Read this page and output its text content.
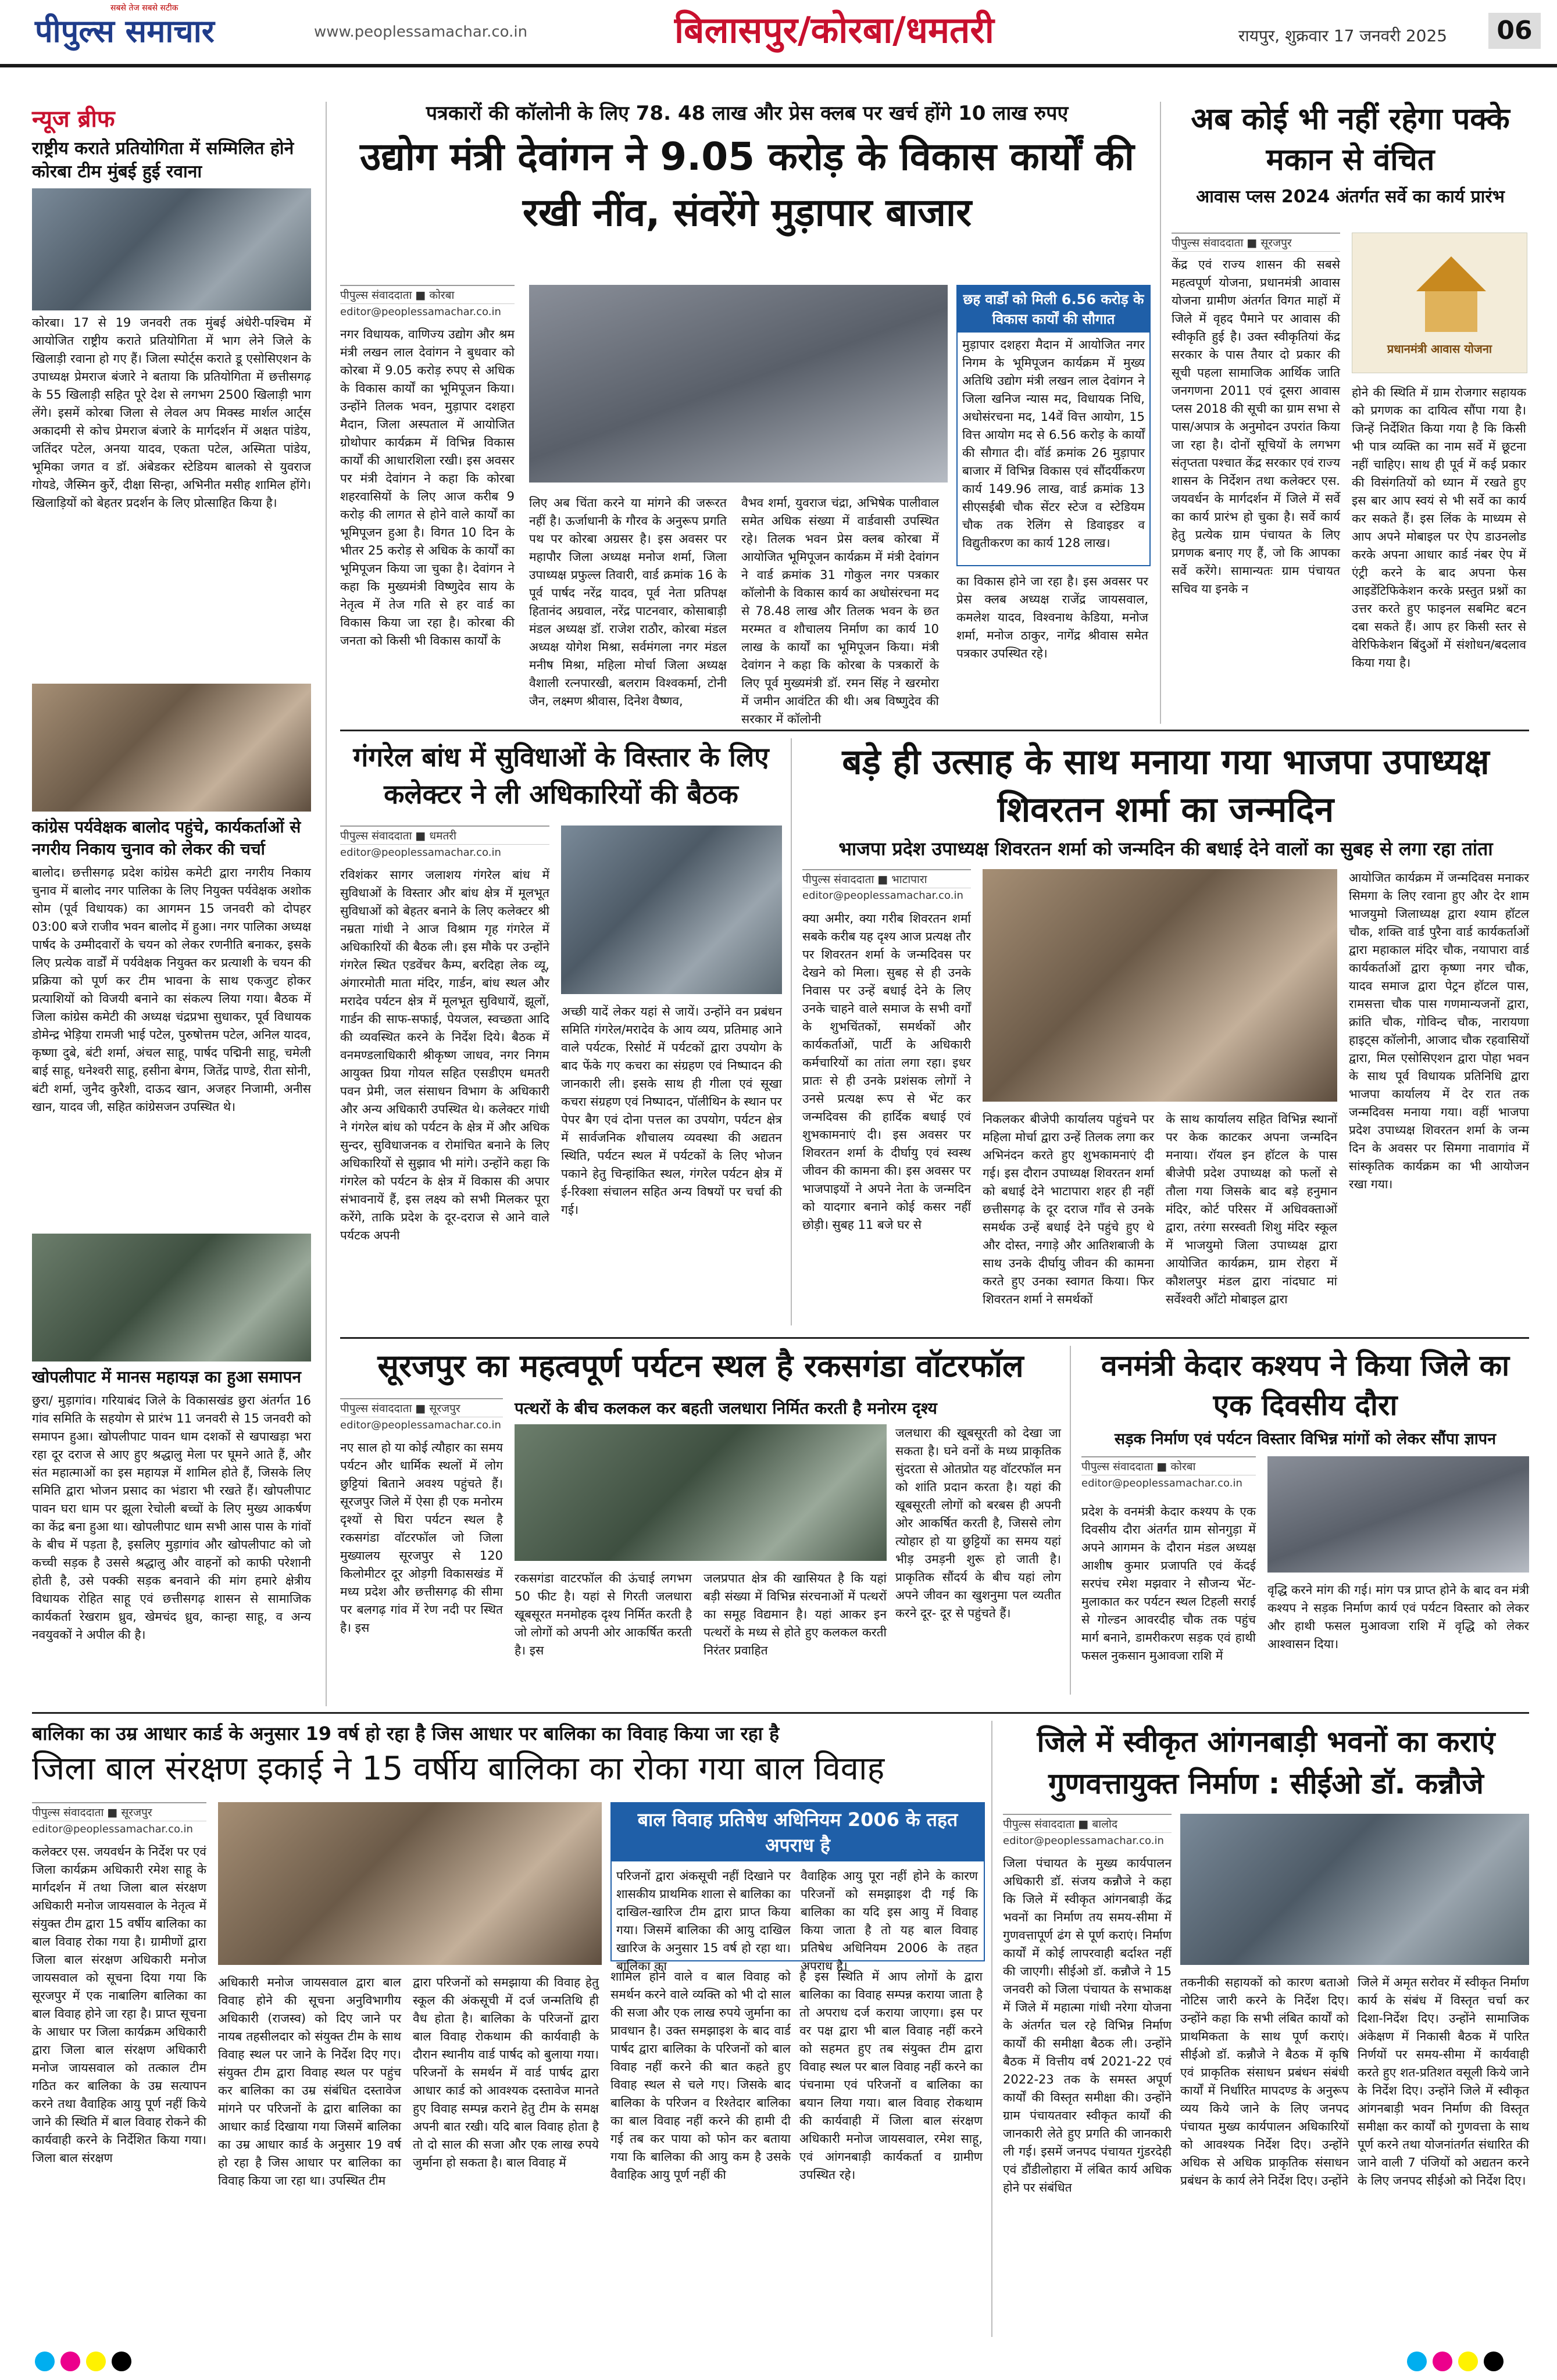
पीपुल्स समाचार
सबसे तेज सबसे सटीक
www.peoplessamachar.co.in	बिलासपुर/कोरबा/धमतरी	रायपुर, शुक्रवार 17 जनवरी 2025	06
न्यूज ब्रीफ
राष्ट्रीय कराते प्रतियोगिता में सम्मिलित होने कोरबा टीम मुंबई हुई रवाना

कोरबा। 17 से 19 जनवरी तक मुंबई अंधेरी-पश्चिम में आयोजित राष्ट्रीय कराते प्रतियोगिता में भाग लेने जिले के खिलाड़ी रवाना हो गए हैं। जिला स्पोर्ट्स कराते डू एसोसिएशन के उपाध्यक्ष प्रेमराज बंजारे ने बताया कि प्रतियोगिता में छत्तीसगढ़ के 55 खिलाड़ी सहित पूरे देश से लगभग 2500 खिलाड़ी भाग लेंगे। इसमें कोरबा जिला से लेवल अप मिक्स्ड मार्शल आर्ट्स अकादमी से कोच प्रेमराज बंजारे के मार्गदर्शन में अक्षत पांडेय, जतिंदर पटेल, अनया यादव, एकता पटेल, अस्मिता पांडेय, भूमिका जगत व डॉ. अंबेडकर स्टेडियम बालको से युवराज गोयडे, जैस्मिन कुर्रे, दीक्षा सिन्हा, अभिनीत मसीह शामिल होंगे। खिलाड़ियों को बेहतर प्रदर्शन के लिए प्रोत्साहित किया है।

कांग्रेस पर्यवेक्षक बालोद पहुंचे, कार्यकर्ताओं से नगरीय निकाय चुनाव को लेकर की चर्चा

बालोद। छत्तीसगढ़ प्रदेश कांग्रेस कमेटी द्वारा नगरीय निकाय चुनाव में बालोद नगर पालिका के लिए नियुक्त पर्यवेक्षक अशोक सोम (पूर्व विधायक) का आगमन 15 जनवरी को दोपहर 03:00 बजे राजीव भवन बालोद में हुआ। नगर पालिका अध्यक्ष पार्षद के उम्मीदवारों के चयन को लेकर रणनीति बनाकर, इसके लिए प्रत्येक वार्डों में पर्यवेक्षक नियुक्त कर प्रत्याशी के चयन की प्रक्रिया को पूर्ण कर टीम भावना के साथ एकजुट होकर प्रत्याशियों को विजयी बनाने का संकल्प लिया गया। बैठक में जिला कांग्रेस कमेटी की अध्यक्ष चंद्रप्रभा सुधाकर, पूर्व विधायक डोमेन्द्र भेड़िया रामजी भाई पटेल, पुरुषोत्तम पटेल, अनिल यादव, कृष्णा दुबे, बंटी शर्मा, अंचल साहू, पार्षद पद्मिनी साहू, चमेली बाई साहू, धनेश्वरी साहू, हसीना बेगम, जितेंद्र पाण्डे, रीता सोनी, बंटी शर्मा, जुनैद कुरैशी, दाऊद खान, अजहर निजामी, अनीस खान, यादव जी, सहित कांग्रेसजन उपस्थित थे।

खोपलीपाट में मानस महायज्ञ का हुआ समापन

छुरा/ मुड़ागांव। गरियाबंद जिले के विकासखंड छुरा अंतर्गत 16 गांव समिति के सहयोग से प्रारंभ 11 जनवरी से 15 जनवरी को समापन हुआ। खोपलीपाट पावन धाम दशकों से खपाखड़ा भरा रहा दूर दराज से आए हुए श्रद्धालु मेला पर घूमने आते हैं, और संत महात्माओं का इस महायज्ञ में शामिल होते हैं, जिसके लिए समिति द्वारा भोजन प्रसाद का भंडारा भी रखते हैं। खोपलीपाट पावन घरा धाम पर झूला रेचोली बच्चों के लिए मुख्य आकर्षण का केंद्र बना हुआ था। खोपलीपाट धाम सभी आस पास के गांवों के बीच में पड़ता है, इसलिए मुड़ागांव और खोपलीपाट को जो कच्ची सड़क है उससे श्रद्धालु और वाहनों को काफी परेशानी होती है, उसे पक्की सड़क बनवाने की मांग हमारे क्षेत्रीय विधायक रोहित साहू एवं छत्तीसगढ़ शासन से सामाजिक कार्यकर्ता रेखराम ध्रुव, खेमचंद ध्रुव, कान्हा साहू, व अन्य नवयुवकों ने अपील की है।

पत्रकारों की कॉलोनी के लिए 78. 48 लाख और प्रेस क्लब पर खर्च होंगे 10 लाख रुपए
उद्योग मंत्री देवांगन ने 9.05 करोड़ के विकास कार्यों की रखी नींव, संवरेंगे मुड़ापार बाजार
पीपुल्स संवाददाता ■ कोरबा
editor@peoplessamachar.co.in

नगर विधायक, वाणिज्य उद्योग और श्रम मंत्री लखन लाल देवांगन ने बुधवार को कोरबा में 9.05 करोड़ रुपए से अधिक के विकास कार्यों का भूमिपूजन किया। उन्होंने तिलक भवन, मुड़ापार दशहरा मैदान, जिला अस्पताल में आयोजित ग्रोथोपार कार्यक्रम में विभिन्न विकास कार्यों की आधारशिला रखी। इस अवसर पर मंत्री देवांगन ने कहा कि कोरबा शहरवासियों के लिए आज करीब 9 करोड़ की लागत से होने वाले कार्यों का भूमिपूजन हुआ है। विगत 10 दिन के भीतर 25 करोड़ से अधिक के कार्यों का भूमिपूजन किया जा चुका है। देवांगन ने कहा कि मुख्यमंत्री विष्णुदेव साय के नेतृत्व में तेज गति से हर वार्ड का विकास किया जा रहा है। कोरबा की जनता को किसी भी विकास कार्यों के

लिए अब चिंता करने या मांगने की जरूरत नहीं है। ऊर्जाधानी के गौरव के अनुरूप प्रगति पथ पर कोरबा अग्रसर है। इस अवसर पर महापौर जिला अध्यक्ष मनोज शर्मा, जिला उपाध्यक्ष प्रफुल्ल तिवारी, वार्ड क्रमांक 16 के पूर्व पार्षद नरेंद्र यादव, पूर्व नेता प्रतिपक्ष हितानंद अग्रवाल, नरेंद्र पाटनवार, कोसाबाड़ी मंडल अध्यक्ष डॉ. राजेश राठौर, कोरबा मंडल अध्यक्ष योगेश मिश्रा, सर्वमंगला नगर मंडल मनीष मिश्रा, महिला मोर्चा जिला अध्यक्ष वैशाली रत्नपारखी, बलराम विश्वकर्मा, टोनी जैन, लक्ष्मण श्रीवास, दिनेश वैष्णव,

वैभव शर्मा, युवराज चंद्रा, अभिषेक पालीवाल समेत अधिक संख्या में वार्डवासी उपस्थित रहे। तिलक भवन प्रेस क्लब कोरबा में आयोजित भूमिपूजन कार्यक्रम में मंत्री देवांगन ने वार्ड क्रमांक 31 गोकुल नगर पत्रकार कॉलोनी के विकास कार्य का अधोसंरचना मद से 78.48 लाख और तिलक भवन के छत मरम्मत व शौचालय निर्माण का कार्य 10 लाख के कार्यों का भूमिपूजन किया। मंत्री देवांगन ने कहा कि कोरबा के पत्रकारों के लिए पूर्व मुख्यमंत्री डॉ. रमन सिंह ने खरमोरा में जमीन आवंटित की थी। अब विष्णुदेव की सरकार में कॉलोनी

छह वार्डों को मिली 6.56 करोड़ के विकास कार्यों की सौगात

मुड़ापार दशहरा मैदान में आयोजित नगर निगम के भूमिपूजन कार्यक्रम में मुख्य अतिथि उद्योग मंत्री लखन लाल देवांगन ने जिला खनिज न्यास मद, विधायक निधि, अधोसंरचना मद, 14वें वित्त आयोग, 15 वित्त आयोग मद से 6.56 करोड़ के कार्यों की सौगात दी। वॉर्ड क्रमांक 26 मुड़ापार बाजार में विभिन्न विकास एवं सौंदर्यीकरण कार्य 149.96 लाख, वार्ड क्रमांक 13 सीएसईबी चौक सेंटर स्टेज व स्टेडियम चौक तक रेलिंग से डिवाइडर व विद्युतीकरण का कार्य 128 लाख।

का विकास होने जा रहा है। इस अवसर पर प्रेस क्लब अध्यक्ष राजेंद्र जायसवाल, कमलेश यादव, विश्वनाथ केडिया, मनोज शर्मा, मनोज ठाकुर, नागेंद्र श्रीवास समेत पत्रकार उपस्थित रहे।

अब कोई भी नहीं रहेगा पक्के मकान से वंचित
आवास प्लस 2024 अंतर्गत सर्वे का कार्य प्रारंभ
पीपुल्स संवाददाता ■ सूरजपुर

केंद्र एवं राज्य शासन की सबसे महत्वपूर्ण योजना, प्रधानमंत्री आवास योजना ग्रामीण अंतर्गत विगत माहों में जिले में वृहद पैमाने पर आवास की स्वीकृति हुई है। उक्त स्वीकृतियां केंद्र सरकार के पास तैयार दो प्रकार की सूची पहला सामाजिक आर्थिक जाति जनगणना 2011 एवं दूसरा आवास प्लस 2018 की सूची का ग्राम सभा से पास/अपात्र के अनुमोदन उपरांत किया जा रहा है। दोनों सूचियों के लगभग संतृप्तता पश्चात केंद्र सरकार एवं राज्य शासन के निर्देशन तथा कलेक्टर एस. जयवर्धन के मार्गदर्शन में जिले में सर्वे का कार्य प्रारंभ हो चुका है। सर्वे कार्य हेतु प्रत्येक ग्राम पंचायत के लिए प्रगणक बनाए गए हैं, जो कि आपका सर्वे करेंगे। सामान्यतः ग्राम पंचायत सचिव या इनके न

प्रधानमंत्री आवास योजना

होने की स्थिति में ग्राम रोजगार सहायक को प्रगणक का दायित्व सौंपा गया है। जिन्हें निर्देशित किया गया है कि किसी भी पात्र व्यक्ति का नाम सर्वे में छूटना नहीं चाहिए। साथ ही पूर्व में कई प्रकार की विसंगतियों को ध्यान में रखते हुए इस बार आप स्वयं से भी सर्वे का कार्य कर सकते हैं। इस लिंक के माध्यम से आप अपने मोबाइल पर ऐप डाउनलोड करके अपना आधार कार्ड नंबर ऐप में एंट्री करने के बाद अपना फेस आइडेंटिफिकेशन करके प्रस्तुत प्रश्नों का उत्तर करते हुए फाइनल सबमिट बटन दबा सकते हैं। आप हर किसी स्तर से वेरिफिकेशन बिंदुओं में संशोधन/बदलाव किया गया है।

गंगरेल बांध में सुविधाओं के विस्तार के लिए कलेक्टर ने ली अधिकारियों की बैठक
पीपुल्स संवाददाता ■ धमतरी
editor@peoplessamachar.co.in

रविशंकर सागर जलाशय गंगरेल बांध में सुविधाओं के विस्तार और बांध क्षेत्र में मूलभूत सुविधाओं को बेहतर बनाने के लिए कलेक्टर श्री नम्रता गांधी ने आज विश्राम गृह गंगरेल में अधिकारियों की बैठक ली। इस मौके पर उन्होंने गंगरेल स्थित एडवेंचर कैम्प, बरदिहा लेक व्यू, अंगारमोती माता मंदिर, गार्डन, बांध स्थल और मरादेव पर्यटन क्षेत्र में मूलभूत सुविधायें, झूलों, गार्डन की साफ-सफाई, पेयजल, स्वच्छता आदि की व्यवस्थित करने के निर्देश दिये। बैठक में वनमण्डलाधिकारी श्रीकृष्ण जाधव, नगर निगम आयुक्त प्रिया गोयल सहित एसडीएम धमतरी पवन प्रेमी, जल संसाधन विभाग के अधिकारी और अन्य अधिकारी उपस्थित थे। कलेक्टर गांधी ने गंगरेल बांध को पर्यटन के क्षेत्र में और अधिक सुन्दर, सुविधाजनक व रोमांचित बनाने के लिए अधिकारियों से सुझाव भी मांगे। उन्होंने कहा कि गंगरेल को पर्यटन के क्षेत्र में विकास की अपार संभावनायें हैं, इस लक्ष्य को सभी मिलकर पूरा करेंगे, ताकि प्रदेश के दूर-दराज से आने वाले पर्यटक अपनी

अच्छी यादें लेकर यहां से जायें। उन्होंने वन प्रबंधन समिति गंगरेल/मरादेव के आय व्यय, प्रतिमाह आने वाले पर्यटक, रिसोर्ट में पर्यटकों द्वारा उपयोग के बाद फेंके गए कचरा का संग्रहण एवं निष्पादन की जानकारी ली। इसके साथ ही गीला एवं सूखा कचरा संग्रहण एवं निष्पादन, पॉलीथिन के स्थान पर पेपर बैग एवं दोना पत्तल का उपयोग, पर्यटन क्षेत्र में सार्वजनिक शौचालय व्यवस्था की अद्यतन स्थिति, पर्यटन स्थल में पर्यटकों के लिए भोजन पकाने हेतु चिन्हांकित स्थल, गंगरेल पर्यटन क्षेत्र में ई-रिक्शा संचालन सहित अन्य विषयों पर चर्चा की गई।

बड़े ही उत्साह के साथ मनाया गया भाजपा उपाध्यक्ष शिवरतन शर्मा का जन्मदिन
भाजपा प्रदेश उपाध्यक्ष शिवरतन शर्मा को जन्मदिन की बधाई देने वालों का सुबह से लगा रहा तांता
पीपुल्स संवाददाता ■ भाटापारा
editor@peoplessamachar.co.in

क्या अमीर, क्या गरीब शिवरतन शर्मा सबके करीब यह दृश्य आज प्रत्यक्ष तौर पर शिवरतन शर्मा के जन्मदिवस पर देखने को मिला। सुबह से ही उनके निवास पर उन्हें बधाई देने के लिए उनके चाहने वाले समाज के सभी वर्गों के शुभचिंतकों, समर्थकों और कार्यकर्ताओं, पार्टी के अधिकारी कर्मचारियों का तांता लगा रहा। इधर प्रातः से ही उनके प्रशंसक लोगों ने उनसे प्रत्यक्ष रूप से भेंट कर जन्मदिवस की हार्दिक बधाई एवं शुभकामनाएं दी। इस अवसर पर शिवरतन शर्मा के दीर्घायु एवं स्वस्थ जीवन की कामना की। इस अवसर पर भाजपाइयों ने अपने नेता के जन्मदिन को यादगार बनाने कोई कसर नहीं छोड़ी। सुबह 11 बजे घर से

निकलकर बीजेपी कार्यालय पहुंचने पर महिला मोर्चा द्वारा उन्हें तिलक लगा कर अभिनंदन करते हुए शुभकामनाएं दी गई। इस दौरान उपाध्यक्ष शिवरतन शर्मा को बधाई देने भाटापारा शहर ही नहीं छत्तीसगढ़ के दूर दराज गाँव से उनके समर्थक उन्हें बधाई देने पहुंचे हुए थे और दोस्त, नगाड़े और आतिशबाजी के साथ उनके दीर्घायु जीवन की कामना करते हुए उनका स्वागत किया। फिर शिवरतन शर्मा ने समर्थकों

के साथ कार्यालय सहित विभिन्न स्थानों पर केक काटकर अपना जन्मदिन मनाया। रॉयल इन हॉटल के पास बीजेपी प्रदेश उपाध्यक्ष को फलों से तौला गया जिसके बाद बड़े हनुमान मंदिर, कोर्ट परिसर में अधिवक्ताओं द्वारा, तरंगा सरस्वती शिशु मंदिर स्कूल में भाजयुमो जिला उपाध्यक्ष द्वारा आयोजित कार्यक्रम, ग्राम रोहरा में कौशलपुर मंडल द्वारा नांदघाट मां सर्वेश्वरी आँटो मोबाइल द्वारा

आयोजित कार्यक्रम में जन्मदिवस मनाकर सिमगा के लिए रवाना हुए और देर शाम भाजयुमो जिलाध्यक्ष द्वारा श्याम हॉटल चौक, शक्ति वार्ड पुरैना वार्ड कार्यकर्ताओं द्वारा महाकाल मंदिर चौक, नयापारा वार्ड कार्यकर्ताओं द्वारा कृष्णा नगर चौक, यादव समाज द्वारा पेट्रन हॉटल पास, रामसत्ता चौक पास गणमान्यजनों द्वारा, क्रांति चौक, गोविन्द चौक, नारायणा हाइट्स कॉलोनी, आजाद चौक रहवासियों द्वारा, मिल एसोसिएशन द्वारा पोहा भवन के साथ पूर्व विधायक प्रतिनिधि द्वारा भाजपा कार्यालय में देर रात तक जन्मदिवस मनाया गया। वहीं भाजपा प्रदेश उपाध्यक्ष शिवरतन शर्मा के जन्म दिन के अवसर पर सिमगा नावागांव में सांस्कृतिक कार्यक्रम का भी आयोजन रखा गया।

सूरजपुर का महत्वपूर्ण पर्यटन स्थल है रकसगंडा वॉटरफॉल
पीपुल्स संवाददाता ■ सूरजपुर
editor@peoplessamachar.co.in
पत्थरों के बीच कलकल कर बहती जलधारा निर्मित करती है मनोरम दृश्य

नए साल हो या कोई त्यौहार का समय पर्यटन और धार्मिक स्थलों में लोग छुट्टियां बिताने अवश्य पहुंचते हैं। सूरजपुर जिले में ऐसा ही एक मनोरम दृश्यों से घिरा पर्यटन स्थल है रकसगंडा वॉटरफॉल जो जिला मुख्यालय सूरजपुर से 120 किलोमीटर दूर ओड़गी विकासखंड में मध्य प्रदेश और छत्तीसगढ़ की सीमा पर बलगढ़ गांव में रेण नदी पर स्थित है। इस

रकसगंडा वाटरफॉल की ऊंचाई लगभग 50 फीट है। यहां से गिरती जलधारा खूबसूरत मनमोहक दृश्य निर्मित करती है जो लोगों को अपनी ओर आकर्षित करती है। इस

जलप्रपात क्षेत्र की खासियत है कि यहां बड़ी संख्या में विभिन्न संरचनाओं में पत्थरों का समूह विद्यमान है। यहां आकर इन पत्थरों के मध्य से होते हुए कलकल करती निरंतर प्रवाहित

जलधारा की खूबसूरती को देखा जा सकता है। घने वनों के मध्य प्राकृतिक सुंदरता से ओतप्रोत यह वॉटरफॉल मन को शांति प्रदान करता है। यहां की खूबसूरती लोगों को बरबस ही अपनी ओर आकर्षित करती है, जिससे लोग त्योहार हो या छुट्टियों का समय यहां भीड़ उमड़नी शुरू हो जाती है। प्राकृतिक सौंदर्य के बीच यहां लोग अपने जीवन का खुशनुमा पल व्यतीत करने दूर- दूर से पहुंचते हैं।

वनमंत्री केदार कश्यप ने किया जिले का एक दिवसीय दौरा
सड़क निर्माण एवं पर्यटन विस्तार विभिन्न मांगों को लेकर सौंपा ज्ञापन
पीपुल्स संवाददाता ■ कोरबा
editor@peoplessamachar.co.in

प्रदेश के वनमंत्री केदार कश्यप के एक दिवसीय दौरा अंतर्गत ग्राम सोनगुड़ा में अपने आगमन के दौरान मंडल अध्यक्ष आशीष कुमार प्रजापति एवं केंदई सरपंच रमेश मझवार ने सौजन्य भेंट-मुलाकात कर पर्यटन स्थल टिहली सराई से गोल्डन आवरदीह चौक तक पहुंच मार्ग बनाने, डामरीकरण सड़क एवं हाथी फसल नुकसान मुआवजा राशि में

वृद्धि करने मांग की गई। मांग पत्र प्राप्त होने के बाद वन मंत्री कश्यप ने सड़क निर्माण कार्य एवं पर्यटन विस्तार को लेकर और हाथी फसल मुआवजा राशि में वृद्धि को लेकर आश्वासन दिया।

बालिका का उम्र आधार कार्ड के अनुसार 19 वर्ष हो रहा है जिस आधार पर बालिका का विवाह किया जा रहा है
जिला बाल संरक्षण इकाई ने 15 वर्षीय बालिका का रोका गया बाल विवाह
पीपुल्स संवाददाता ■ सूरजपुर
editor@peoplessamachar.co.in

कलेक्टर एस. जयवर्धन के निर्देश पर एवं जिला कार्यक्रम अधिकारी रमेश साहू के मार्गदर्शन में तथा जिला बाल संरक्षण अधिकारी मनोज जायसवाल के नेतृत्व में संयुक्त टीम द्वारा 15 वर्षीय बालिका का बाल विवाह रोका गया है। ग्रामीणों द्वारा जिला बाल संरक्षण अधिकारी मनोज जायसवाल को सूचना दिया गया कि सूरजपुर में एक नाबालिग बालिका का बाल विवाह होने जा रहा है। प्राप्त सूचना के आधार पर जिला कार्यक्रम अधिकारी द्वारा जिला बाल संरक्षण अधिकारी मनोज जायसवाल को तत्काल टीम गठित कर बालिका के उम्र सत्यापन करने तथा वैवाहिक आयु पूर्ण नहीं किये जाने की स्थिति में बाल विवाह रोकने की कार्यवाही करने के निर्देशित किया गया। जिला बाल संरक्षण

अधिकारी मनोज जायसवाल द्वारा बाल विवाह होने की सूचना अनुविभागीय अधिकारी (राजस्व) को दिए जाने पर नायब तहसीलदार को संयुक्त टीम के साथ विवाह स्थल पर जाने के निर्देश दिए गए। संयुक्त टीम द्वारा विवाह स्थल पर पहुंच कर बालिका का उम्र संबंधित दस्तावेज मांगने पर परिजनों के द्वारा बालिका का आधार कार्ड दिखाया गया जिसमें बालिका का उम्र आधार कार्ड के अनुसार 19 वर्ष हो रहा है जिस आधार पर बालिका का विवाह किया जा रहा था। उपस्थित टीम

द्वारा परिजनों को समझाया की विवाह हेतु स्कूल की अंकसूची में दर्ज जन्मतिथि ही वैध होता है। बालिका के परिजनों द्वारा बाल विवाह रोकथाम की कार्यवाही के दौरान स्थानीय वार्ड पार्षद को बुलाया गया। परिजनों के समर्थन में वार्ड पार्षद द्वारा आधार कार्ड को आवश्यक दस्तावेज मानते हुए विवाह सम्पन्न कराने हेतु टीम के समक्ष अपनी बात रखी। यदि बाल विवाह होता है तो दो साल की सजा और एक लाख रुपये जुर्माना हो सकता है। बाल विवाह में

बाल विवाह प्रतिषेध अधिनियम 2006 के तहत अपराध है

परिजनों द्वारा अंकसूची नहीं दिखाने पर शासकीय प्राथमिक शाला से बालिका का दाखिल-खारिज टीम द्वारा प्राप्त किया गया। जिसमें बालिका की आयु दाखिल खारिज के अनुसार 15 वर्ष हो रहा था। बालिका का

वैवाहिक आयु पूरा नहीं होने के कारण परिजनों को समझाइश दी गई कि बालिका का यदि इस आयु में विवाह किया जाता है तो यह बाल विवाह प्रतिषेध अधिनियम 2006 के तहत अपराध है।

शामिल होने वाले व बाल विवाह को समर्थन करने वाले व्यक्ति को भी दो साल की सजा और एक लाख रुपये जुर्माना का प्रावधान है। उक्त समझाइश के बाद वार्ड पार्षद द्वारा बालिका के परिजनों को बाल विवाह नहीं करने की बात कहते हुए विवाह स्थल से चले गए। जिसके बाद बालिका के परिजन व रिश्तेदार बालिका का बाल विवाह नहीं करने की हामी दी गई तब कर पाया को फोन कर बताया गया कि बालिका की आयु कम है उसके वैवाहिक आयु पूर्ण नहीं की

है इस स्थिति में आप लोगों के द्वारा बालिका का विवाह सम्पन्न कराया जाता है तो अपराध दर्ज कराया जाएगा। इस पर वर पक्ष द्वारा भी बाल विवाह नहीं करने को सहमत हुए तब संयुक्त टीम द्वारा विवाह स्थल पर बाल विवाह नहीं करने का पंचनामा एवं परिजनों व बालिका का बयान लिया गया। बाल विवाह रोकथाम की कार्यवाही में जिला बाल संरक्षण अधिकारी मनोज जायसवाल, रमेश साहू, एवं आंगनबाड़ी कार्यकर्ता व ग्रामीण उपस्थित रहे।

जिले में स्वीकृत आंगनबाड़ी भवनों का कराएं गुणवत्तायुक्त निर्माण : सीईओ डॉ. कन्नौजे
पीपुल्स संवाददाता ■ बालोद
editor@peoplessamachar.co.in

जिला पंचायत के मुख्य कार्यपालन अधिकारी डॉ. संजय कन्नौजे ने कहा कि जिले में स्वीकृत आंगनबाड़ी केंद्र भवनों का निर्माण तय समय-सीमा में गुणवत्तापूर्ण ढंग से पूर्ण कराएं। निर्माण कार्यों में कोई लापरवाही बर्दाश्त नहीं की जाएगी। सीईओ डॉ. कन्नौजे ने 15 जनवरी को जिला पंचायत के सभाकक्ष में जिले में महात्मा गांधी नरेगा योजना के अंतर्गत चल रहे विभिन्न निर्माण कार्यों की समीक्षा बैठक ली। उन्होंने बैठक में वित्तीय वर्ष 2021-22 एवं 2022-23 तक के समस्त अपूर्ण कार्यों की विस्तृत समीक्षा की। उन्होंने ग्राम पंचायतवार स्वीकृत कार्यों की जानकारी लेते हुए प्रगति की जानकारी ली गई। इसमें जनपद पंचायत गुंडरदेही एवं डौंडीलोहारा में लंबित कार्य अधिक होने पर संबंधित

तकनीकी सहायकों को कारण बताओ नोटिस जारी करने के निर्देश दिए। उन्होंने कहा कि सभी लंबित कार्यों को प्राथमिकता के साथ पूर्ण कराएं। सीईओ डॉ. कन्नौजे ने बैठक में कृषि एवं प्राकृतिक संसाधन प्रबंधन संबंधी कार्यों में निर्धारित मापदण्ड के अनुरूप व्यय किये जाने के लिए जनपद पंचायत मुख्य कार्यपालन अधिकारियों को आवश्यक निर्देश दिए। उन्होंने अधिक से अधिक प्राकृतिक संसाधन प्रबंधन के कार्य लेने निर्देश दिए। उन्होंने

जिले में अमृत सरोवर में स्वीकृत निर्माण कार्य के संबंध में विस्तृत चर्चा कर दिशा-निर्देश दिए। उन्होंने सामाजिक अंकेक्षण में निकासी बैठक में पारित निर्णयों पर समय-सीमा में कार्यवाही करते हुए शत-प्रतिशत वसूली किये जाने के निर्देश दिए। उन्होंने जिले में स्वीकृत आंगनबाड़ी भवन निर्माण की विस्तृत समीक्षा कर कार्यों को गुणवत्ता के साथ पूर्ण करने तथा योजनांतर्गत संधारित की जाने वाली 7 पंजियों को अद्यतन करने के लिए जनपद सीईओ को निर्देश दिए।
